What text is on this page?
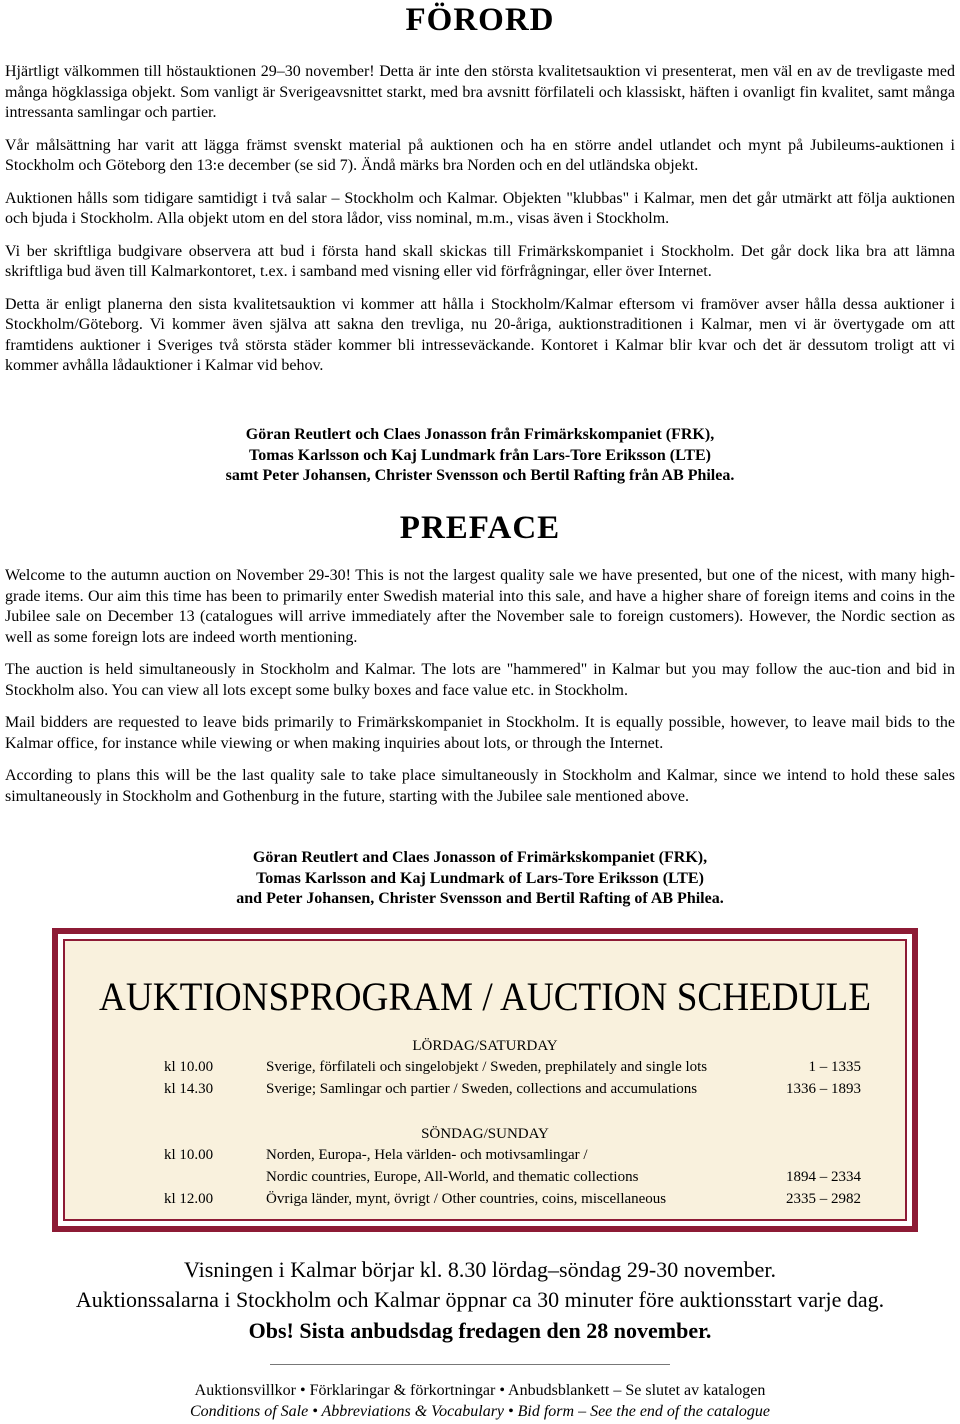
FÖRORD

Hjärtligt välkommen till höstauktionen 29–30 november! Detta är inte den största kvalitetsauktion vi presenterat, men väl en av de trevligaste med många högklassiga objekt. Som vanligt är Sverigeavsnittet starkt, med bra avsnitt förfilateli och klassiskt, häften i ovanligt fin kvalitet, samt många intressanta samlingar och partier.

Vår målsättning har varit att lägga främst svenskt material på auktionen och ha en större andel utlandet och mynt på Jubileums-auktionen i Stockholm och Göteborg den 13:e december (se sid 7). Ändå märks bra Norden och en del utländska objekt.

Auktionen hålls som tidigare samtidigt i två salar – Stockholm och Kalmar. Objekten "klubbas" i Kalmar, men det går utmärkt att följa auktionen och bjuda i Stockholm. Alla objekt utom en del stora lådor, viss nominal, m.m., visas även i Stockholm.

Vi ber skriftliga budgivare observera att bud i första hand skall skickas till Frimärkskompaniet i Stockholm. Det går dock lika bra att lämna skriftliga bud även till Kalmarkontoret, t.ex. i samband med visning eller vid förfrågningar, eller över Internet.

Detta är enligt planerna den sista kvalitetsauktion vi kommer att hålla i Stockholm/Kalmar eftersom vi framöver avser hålla dessa auktioner i Stockholm/Göteborg. Vi kommer även själva att sakna den trevliga, nu 20-åriga, auktionstraditionen i Kalmar, men vi är övertygade om att framtidens auktioner i Sveriges två största städer kommer bli intresseväckande. Kontoret i Kalmar blir kvar och det är dessutom troligt att vi kommer avhålla lådauktioner i Kalmar vid behov.

Göran Reutlert och Claes Jonasson från Frimärkskompaniet (FRK),
Tomas Karlsson och Kaj Lundmark från Lars-Tore Eriksson (LTE)
samt Peter Johansen, Christer Svensson och Bertil Rafting från AB Philea.
PREFACE

Welcome to the autumn auction on November 29-30! This is not the largest quality sale we have presented, but one of the nicest, with many high-grade items. Our aim this time has been to primarily enter Swedish material into this sale, and have a higher share of foreign items and coins in the Jubilee sale on December 13 (catalogues will arrive immediately after the November sale to foreign customers). However, the Nordic section as well as some foreign lots are indeed worth mentioning.

The auction is held simultaneously in Stockholm and Kalmar. The lots are "hammered" in Kalmar but you may follow the auc-tion and bid in Stockholm also. You can view all lots except some bulky boxes and face value etc. in Stockholm.

Mail bidders are requested to leave bids primarily to Frimärkskompaniet in Stockholm. It is equally possible, however, to leave mail bids to the Kalmar office, for instance while viewing or when making inquiries about lots, or through the Internet.

According to plans this will be the last quality sale to take place simultaneously in Stockholm and Kalmar, since we intend to hold these sales simultaneously in Stockholm and Gothenburg in the future, starting with the Jubilee sale mentioned above.

Göran Reutlert and Claes Jonasson of Frimärkskompaniet (FRK),
Tomas Karlsson and Kaj Lundmark of Lars-Tore Eriksson (LTE)
and Peter Johansen, Christer Svensson and Bertil Rafting of AB Philea.
AUKTIONSPROGRAM / AUCTION SCHEDULE
LÖRDAG/SATURDAY
kl 10.00	Sverige, förfilateli och singelobjekt / Sweden, prephilately and single lots	1 – 1335
kl 14.30	Sverige; Samlingar och partier / Sweden, collections and accumulations	1336 – 1893
SÖNDAG/SUNDAY
kl 10.00	Norden, Europa-, Hela världen- och motivsamlingar /
Nordic countries, Europe, All-World, and thematic collections	1894 – 2334
kl 12.00	Övriga länder, mynt, övrigt / Other countries, coins, miscellaneous	2335 – 2982
Visningen i Kalmar börjar kl. 8.30 lördag–söndag 29-30 november.
Auktionssalarna i Stockholm och Kalmar öppnar ca 30 minuter före auktionsstart varje dag.
Obs! Sista anbudsdag fredagen den 28 november.
Auktionsvillkor • Förklaringar & förkortningar • Anbudsblankett – Se slutet av katalogen
Conditions of Sale • Abbreviations & Vocabulary • Bid form – See the end of the catalogue
